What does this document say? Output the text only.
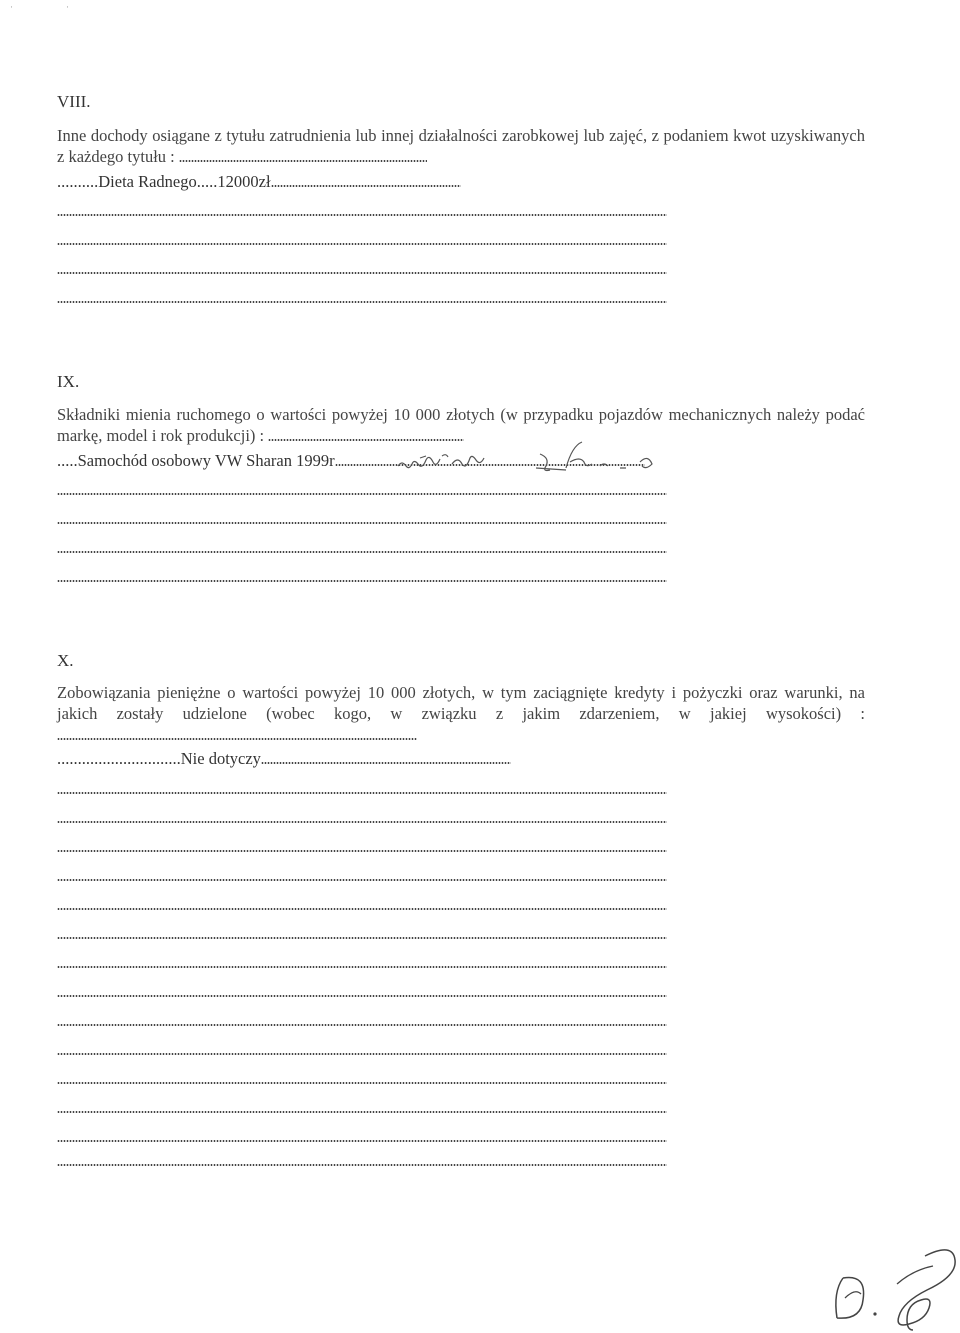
·	·
VIII.
Inne dochody osiągane z tytułu zatrudnienia lub innej działalności zarobkowej lub zajęć, z podaniem kwot uzyskiwanych z każdego tytułu :
..........Dieta Radnego.....12000zł
IX.
Składniki mienia ruchomego o wartości powyżej 10 000 złotych (w przypadku pojazdów mechanicznych należy podać markę, model i rok produkcji) :
.....Samochód osobowy VW Sharan 1999r
X.
Zobowiązania pieniężne o wartości powyżej 10 000 złotych, w tym zaciągnięte kredyty i pożyczki oraz warunki, na jakich zostały udzielone (wobec kogo, w związku z jakim zdarzeniem, w jakiej wysokości) :
..............................Nie dotyczy
